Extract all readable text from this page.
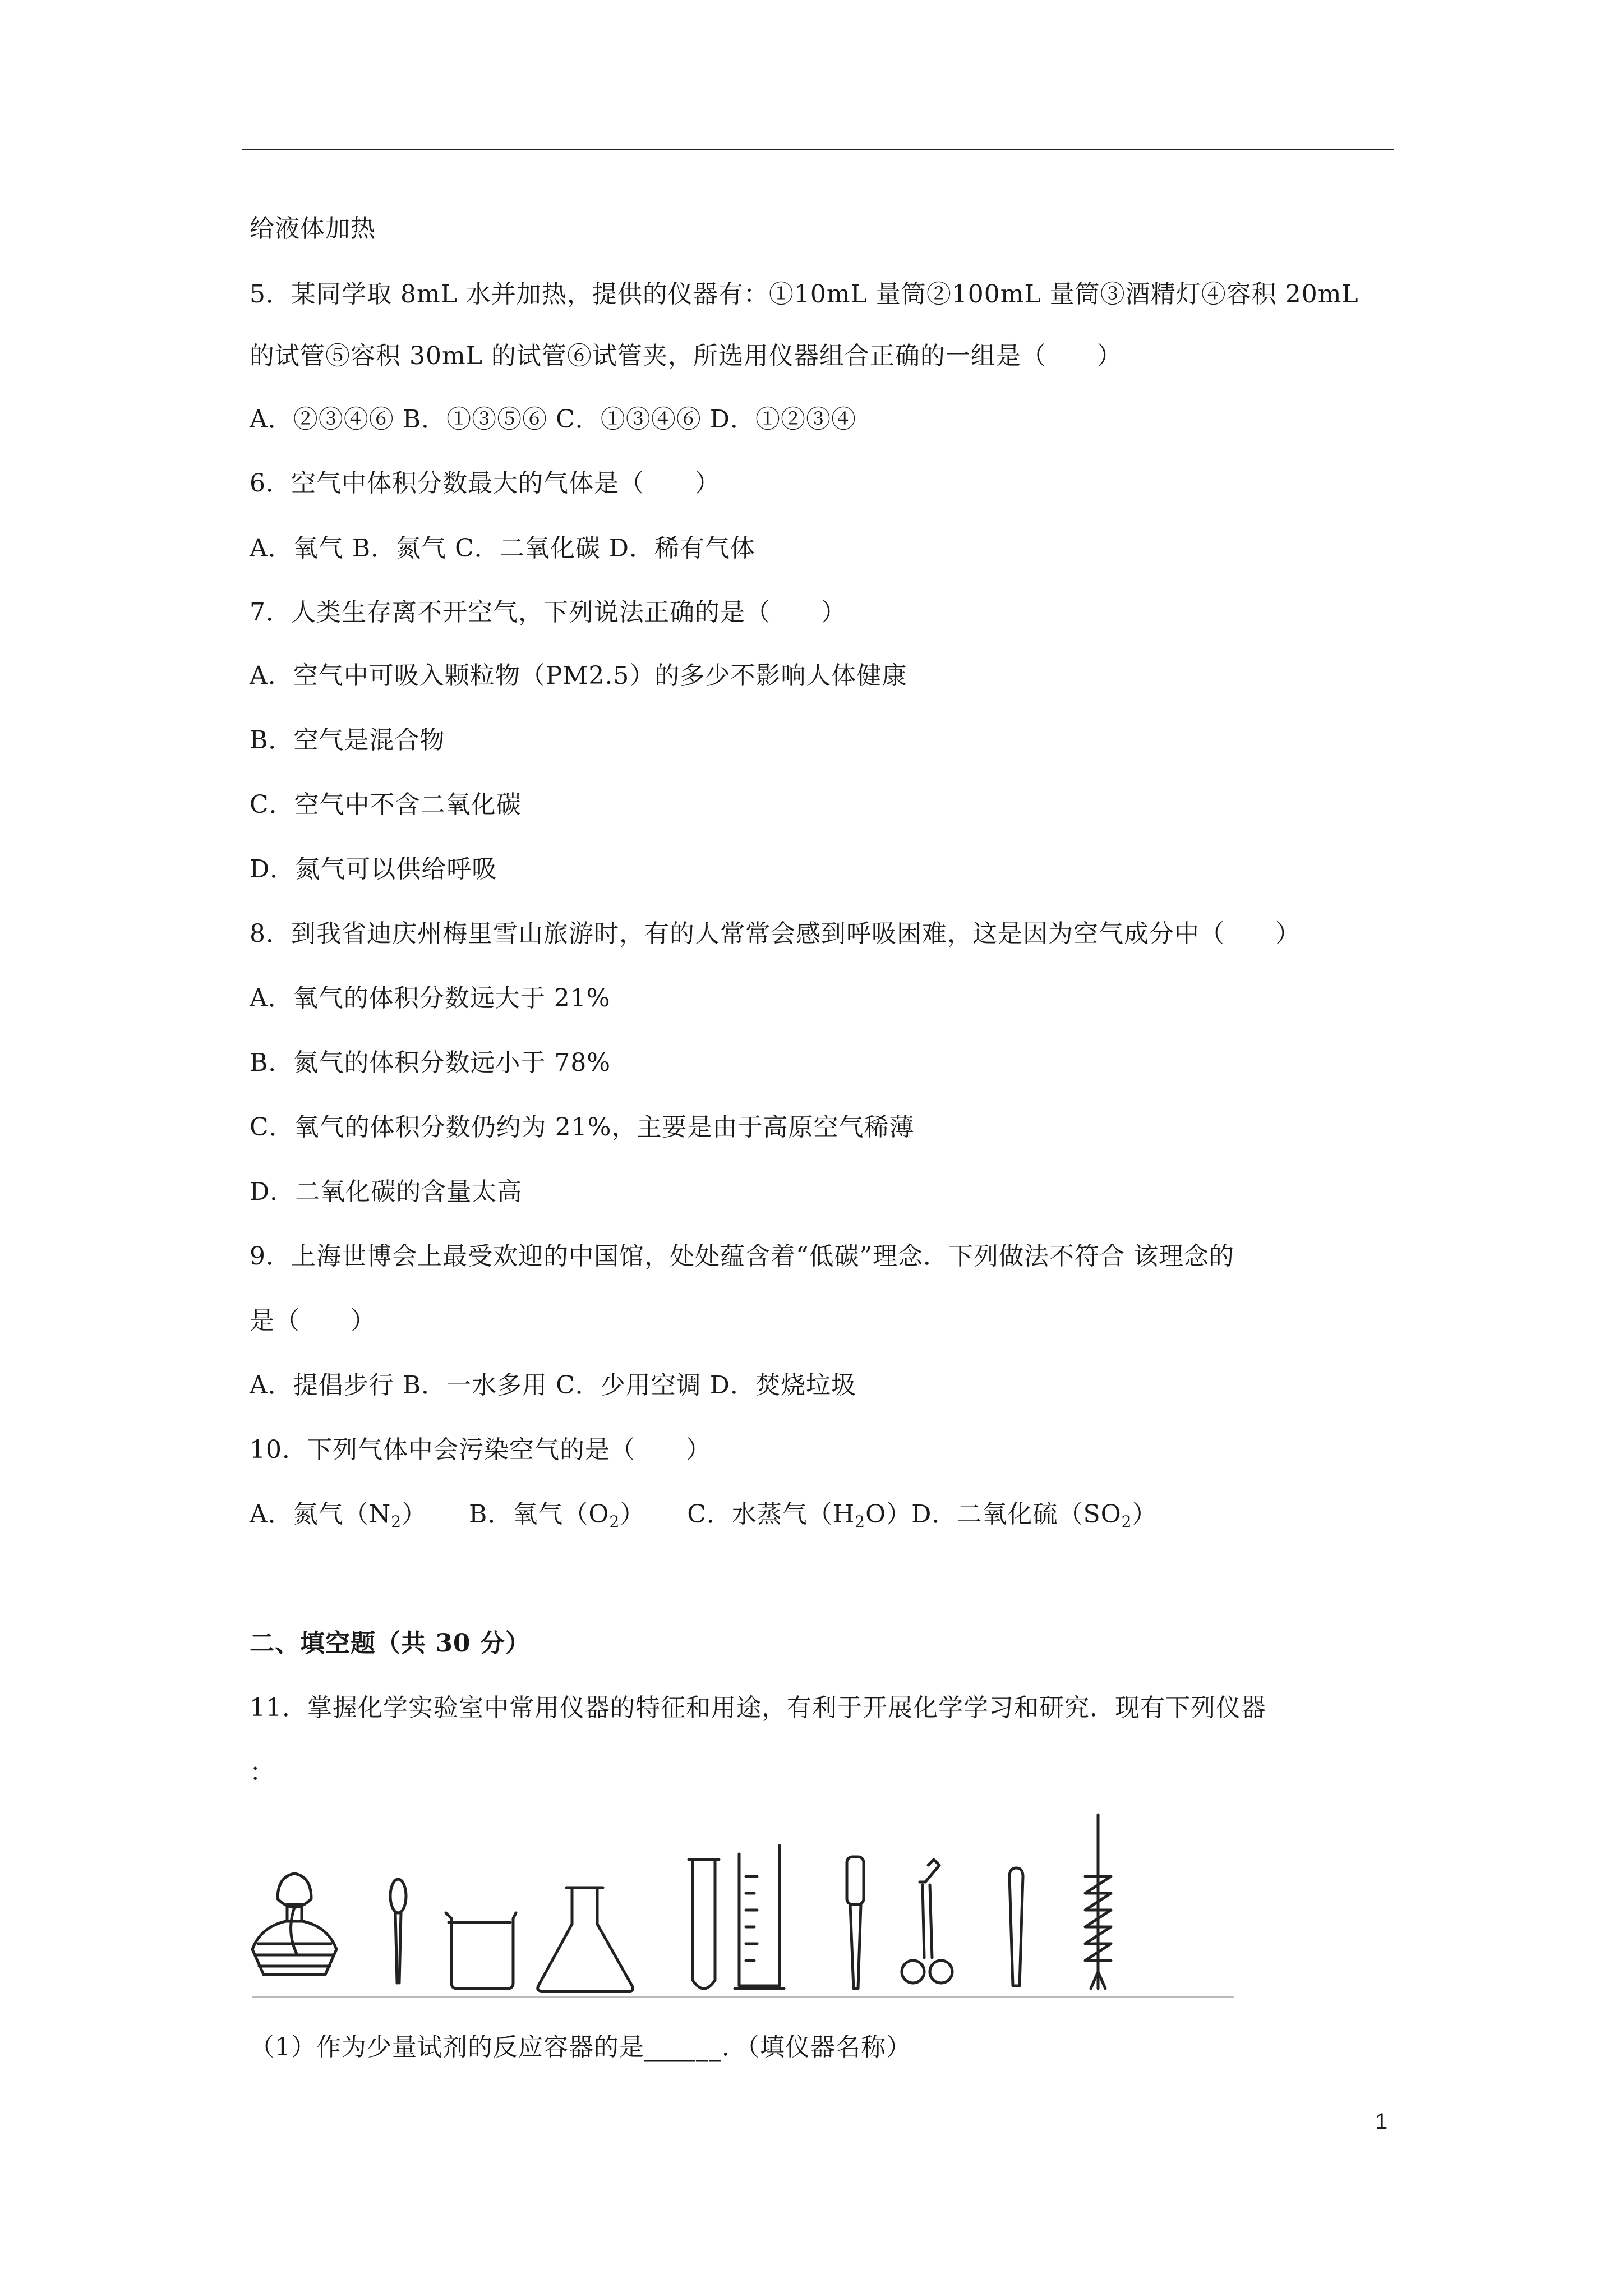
给液体加热
5．某同学取 8mL 水并加热，提供的仪器有：①10mL 量筒②100mL 量筒③酒精灯④容积 20mL
的试管⑤容积 30mL 的试管⑥试管夹，所选用仪器组合正确的一组是（　　）
A．②③④⑥ B．①③⑤⑥ C．①③④⑥ D．①②③④
6．空气中体积分数最大的气体是（　　）
A．氧气 B．氮气 C．二氧化碳 D．稀有气体
7．人类生存离不开空气，下列说法正确的是（　　）
A．空气中可吸入颗粒物（PM2.5）的多少不影响人体健康
B．空气是混合物
C．空气中不含二氧化碳
D．氮气可以供给呼吸
8．到我省迪庆州梅里雪山旅游时，有的人常常会感到呼吸困难，这是因为空气成分中（　　）
A．氧气的体积分数远大于 21%
B．氮气的体积分数远小于 78%
C．氧气的体积分数仍约为 21%，主要是由于高原空气稀薄
D．二氧化碳的含量太高
9．上海世博会上最受欢迎的中国馆，处处蕴含着“低碳”理念．下列做法不符合 该理念的
是（　　）
A．提倡步行 B．一水多用 C．少用空调 D．焚烧垃圾
10．下列气体中会污染空气的是（　　）
A．氮气$(N_2)$ B．氧气$(O_2)$ C．水蒸气$(H_2O)D$．二氧化硫$(SO_2)$
二、填空题（共 30 分）
11．掌握化学实验室中常用仪器的特征和用途，有利于开展化学学习和研究．现有下列仪器
：
（1）作为少量试剂的反应容器的是______．（填仪器名称）
1
